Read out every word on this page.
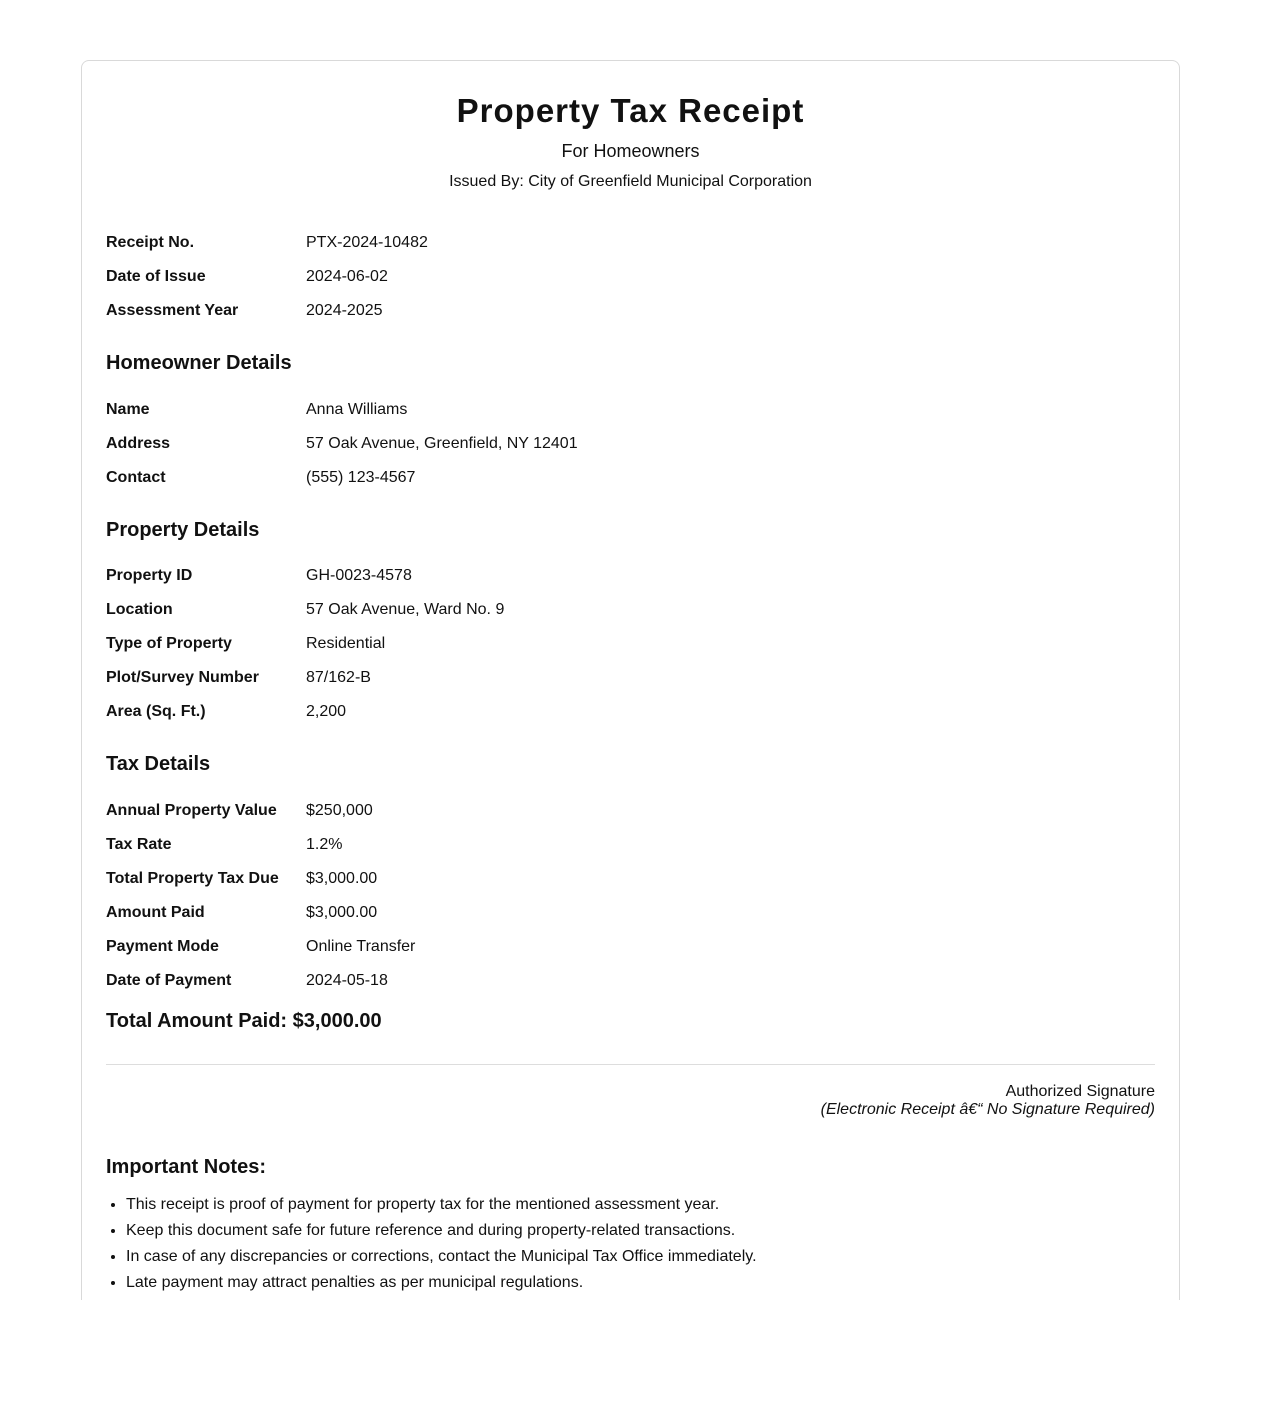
Property Tax Receipt
For Homeowners
Issued By: City of Greenfield Municipal Corporation
Receipt No.	PTX-2024-10482
Date of Issue	2024-06-02
Assessment Year	2024-2025
Homeowner Details
Name	Anna Williams
Address	57 Oak Avenue, Greenfield, NY 12401
Contact	(555) 123-4567
Property Details
Property ID	GH-0023-4578
Location	57 Oak Avenue, Ward No. 9
Type of Property	Residential
Plot/Survey Number	87/162-B
Area (Sq. Ft.)	2,200
Tax Details
Annual Property Value	$250,000
Tax Rate	1.2%
Total Property Tax Due	$3,000.00
Amount Paid	$3,000.00
Payment Mode	Online Transfer
Date of Payment	2024-05-18
Total Amount Paid: $3,000.00
Authorized Signature
(Electronic Receipt â€“ No Signature Required)
Important Notes:
• This receipt is proof of payment for property tax for the mentioned assessment year.
• Keep this document safe for future reference and during property-related transactions.
• In case of any discrepancies or corrections, contact the Municipal Tax Office immediately.
• Late payment may attract penalties as per municipal regulations.
